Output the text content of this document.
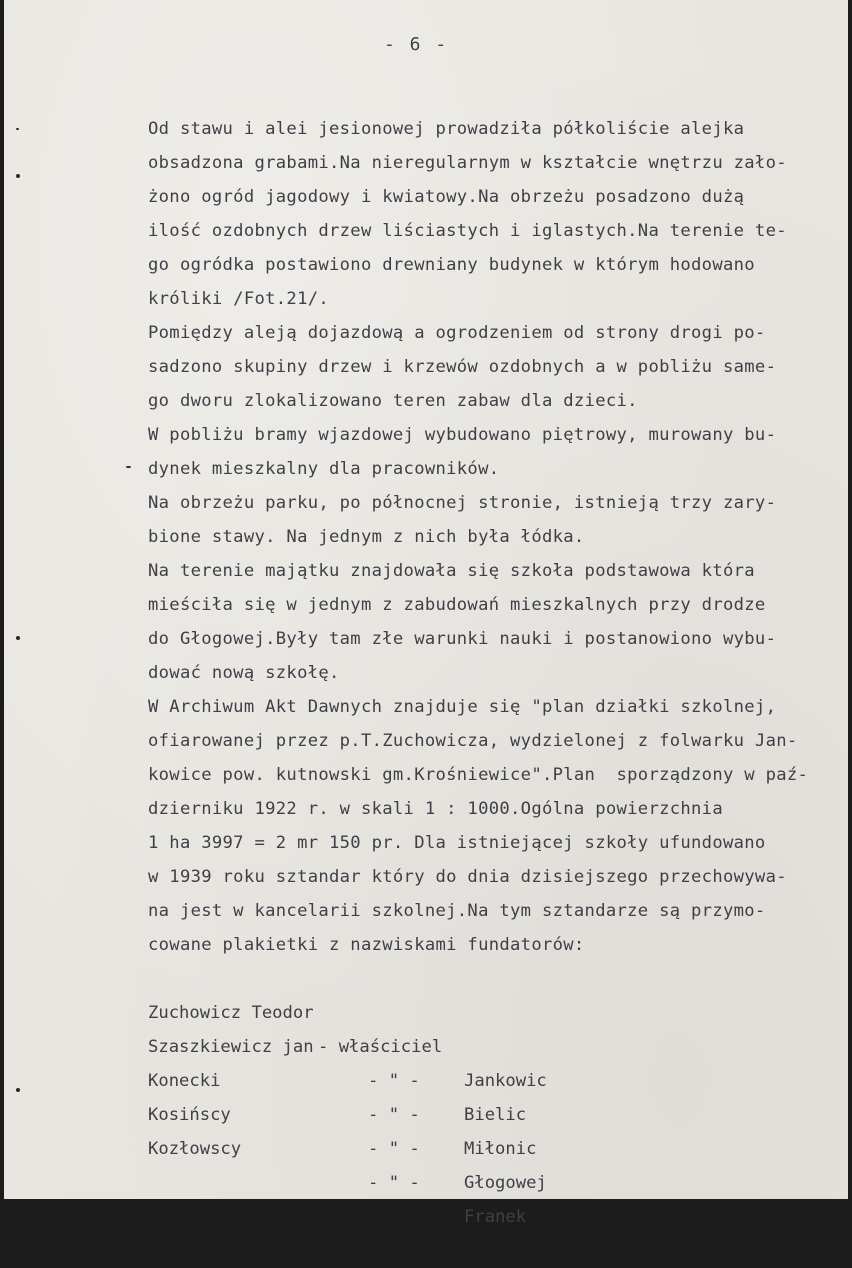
- 6 -
Od stawu i alei jesionowej prowadziła półkoliście alejka
obsadzona grabami.Na nieregularnym w kształcie wnętrzu zało-
żono ogród jagodowy i kwiatowy.Na obrzeżu posadzono dużą
ilość ozdobnych drzew liściastych i iglastych.Na terenie te-
go ogródka postawiono drewniany budynek w którym hodowano
króliki /Fot.21/.
Pomiędzy aleją dojazdową a ogrodzeniem od strony drogi po-
sadzono skupiny drzew i krzewów ozdobnych a w pobliżu same-
go dworu zlokalizowano teren zabaw dla dzieci.
W pobliżu bramy wjazdowej wybudowano piętrowy, murowany bu-
dynek mieszkalny dla pracowników.
Na obrzeżu parku, po północnej stronie, istnieją trzy zary-
bione stawy. Na jednym z nich była łódka.
Na terenie majątku znajdowała się szkoła podstawowa która
mieściła się w jednym z zabudowań mieszkalnych przy drodze
do Głogowej.Były tam złe warunki nauki i postanowiono wybu-
dować nową szkołę.
W Archiwum Akt Dawnych znajduje się "plan działki szkolnej,
ofiarowanej przez p.T.Zuchowicza, wydzielonej z folwarku Jan-
kowice pow. kutnowski gm.Krośniewice".Plan  sporządzony w paź-
dzierniku 1922 r. w skali 1 : 1000.Ogólna powierzchnia
1 ha 3997 = 2 mr 150 pr. Dla istniejącej szkoły ufundowano
w 1939 roku sztandar który do dnia dzisiejszego przechowywa-
na jest w kancelarii szkolnej.Na tym sztandarze są przymo-
cowane plakietki z nazwiskami fundatorów:

Zuchowicz Teodor

- właściciel

Jankowic

Szaszkiewicz jan

- " -

Bielic

Konecki

- " -

Miłonic

Kosińscy

- " -

Głogowej

Kozłowscy

- " -

Franek
